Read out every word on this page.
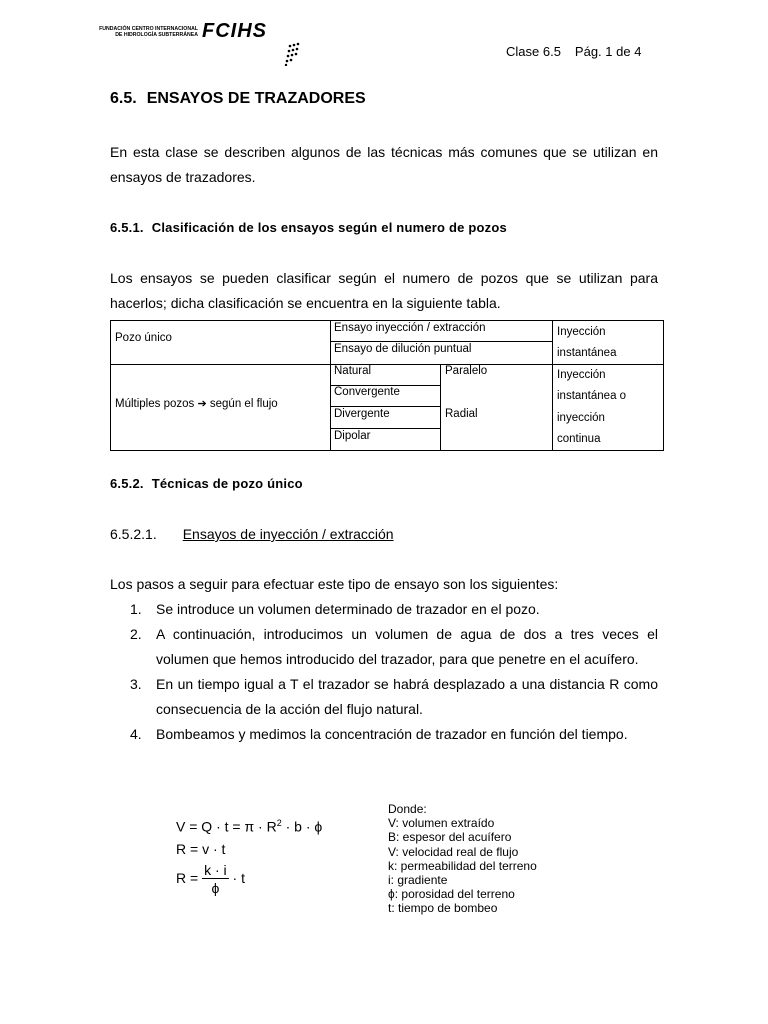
FUNDACIÓN CENTRO INTERNACIONAL
DE HIDROLOGÍA SUBTERRÁNEA FCIHS
Clase 6.5 Pág. 1 de 4
6.5. ENSAYOS DE TRAZADORES

En esta clase se describen algunos de las técnicas más comunes que se utilizan en ensayos de trazadores.

6.5.1. Clasificación de los ensayos según el numero de pozos

Los ensayos se pueden clasificar según el numero de pozos que se utilizan para hacerlos; dicha clasificación se encuentra en la siguiente tabla.

Pozo único
Ensayo inyección / extracción
Ensayo de dilución puntual
Inyección
instantánea
Múltiples pozos ➔ según el flujo
Natural
Convergente
Divergente
Dipolar
Paralelo
Radial
Inyección
instantánea o
inyección
continua
6.5.2. Técnicas de pozo único
6.5.2.1. Ensayos de inyección / extracción

Los pasos a seguir para efectuar este tipo de ensayo son los siguientes:

1. Se introduce un volumen determinado de trazador en el pozo.
2. A continuación, introducimos un volumen de agua de dos a tres veces el volumen que hemos introducido del trazador, para que penetre en el acuífero.
3. En un tiempo igual a T el trazador se habrá desplazado a una distancia R como consecuencia de la acción del flujo natural.
4. Bombeamos y medimos la concentración de trazador en función del tiempo.
$V = Q \cdot t = \pi \cdot R^2 \cdot b \cdot \phi$
R = v · t
$R = \frac{k \cdot i}{\phi} \cdot t$
Donde:
V: volumen extraído
B: espesor del acuífero
V: velocidad real de flujo
k: permeabilidad del terreno
i: gradiente
ϕ: porosidad del terreno
t: tiempo de bombeo
